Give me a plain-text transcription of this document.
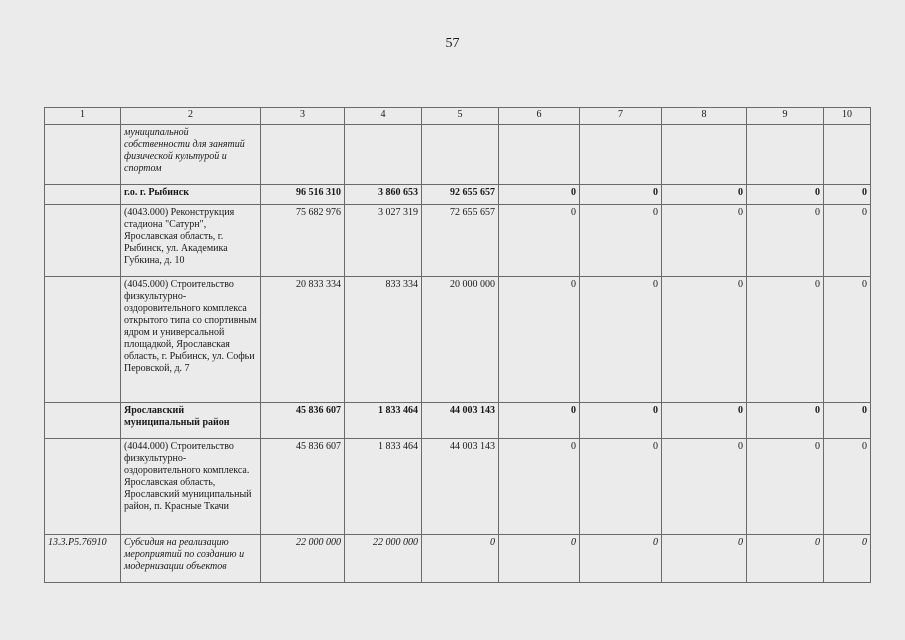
57
1	2	3	4	5	6	7	8	9	10
	муниципальной собственности для занятий физической культурой и спортом								
	г.о. г. Рыбинск	96 516 310	3 860 653	92 655 657	0	0	0	0	0
	(4043.000) Реконструкция стадиона "Сатурн", Ярославская область, г. Рыбинск, ул. Академика Губкина, д. 10	75 682 976	3 027 319	72 655 657	0	0	0	0	0
	(4045.000) Строительство физкультурно-оздоровительного комплекса открытого типа со спортивным ядром и универсальной площадкой, Ярославская область, г. Рыбинск, ул. Софьи Перовской, д. 7	20 833 334	833 334	20 000 000	0	0	0	0	0
	Ярославский муниципальный район	45 836 607	1 833 464	44 003 143	0	0	0	0	0
	(4044.000) Строительство физкультурно-оздоровительного комплекса. Ярославская область, Ярославский муниципальный район, п. Красные Ткачи	45 836 607	1 833 464	44 003 143	0	0	0	0	0
13.3.Р5.76910	Субсидия на реализацию мероприятий по созданию и модернизации объектов	22 000 000	22 000 000	0	0	0	0	0	0
